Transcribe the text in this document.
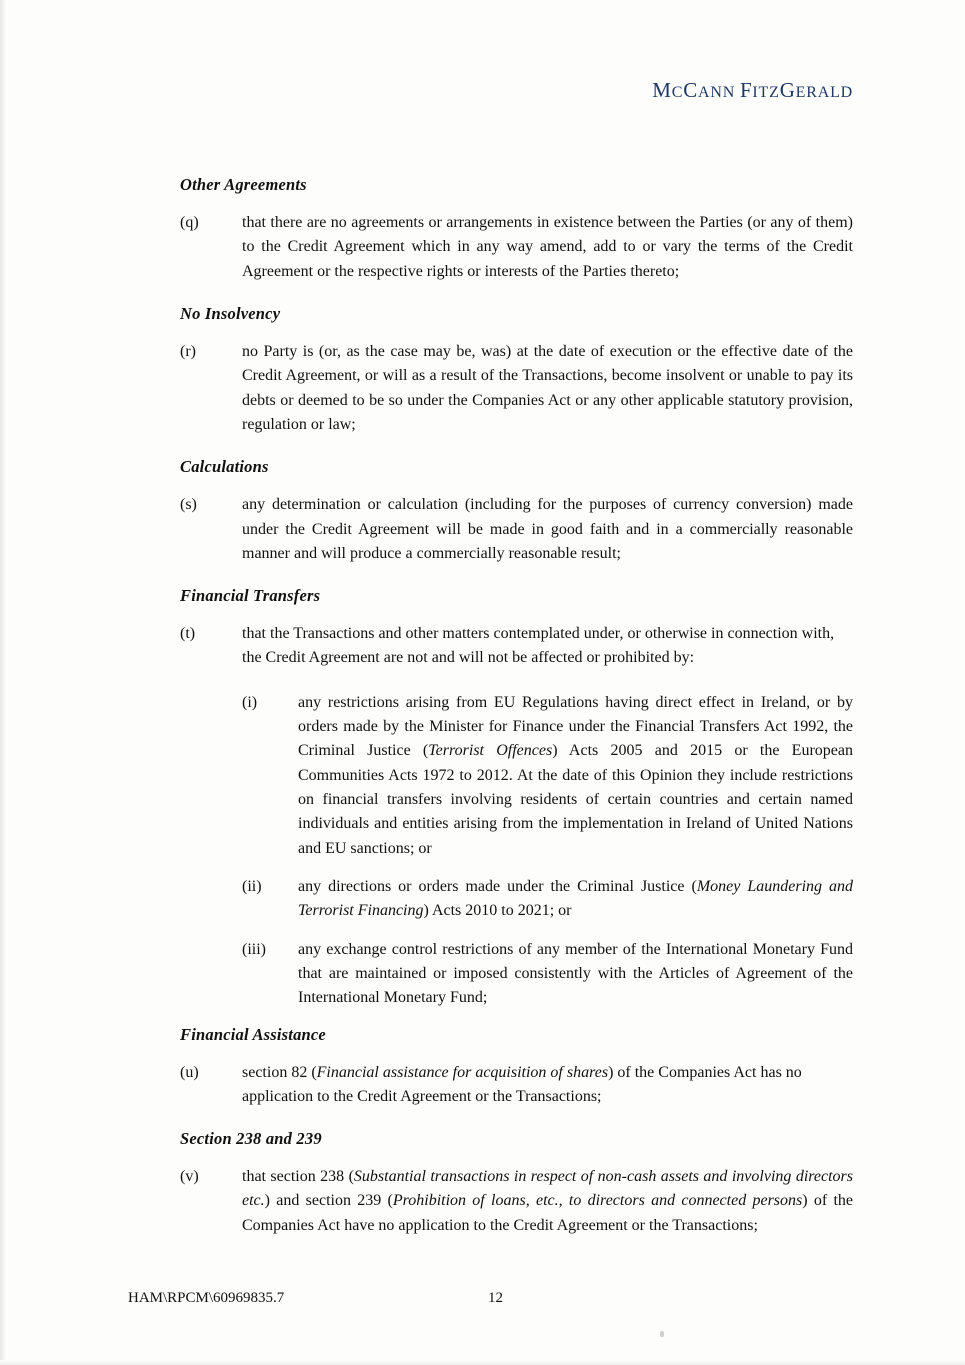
MCCANN FITZGERALD
Other Agreements
(q)	that there are no agreements or arrangements in existence between the Parties (or any of them) to the Credit Agreement which in any way amend, add to or vary the terms of the Credit Agreement or the respective rights or interests of the Parties thereto;
No Insolvency
(r)	no Party is (or, as the case may be, was) at the date of execution or the effective date of the Credit Agreement, or will as a result of the Transactions, become insolvent or unable to pay its debts or deemed to be so under the Companies Act or any other applicable statutory provision, regulation or law;
Calculations
(s)	any determination or calculation (including for the purposes of currency conversion) made under the Credit Agreement will be made in good faith and in a commercially reasonable manner and will produce a commercially reasonable result;
Financial Transfers
(t)	that the Transactions and other matters contemplated under, or otherwise in connection with, the Credit Agreement are not and will not be affected or prohibited by:
(i)	any restrictions arising from EU Regulations having direct effect in Ireland, or by orders made by the Minister for Finance under the Financial Transfers Act 1992, the Criminal Justice (Terrorist Offences) Acts 2005 and 2015 or the European Communities Acts 1972 to 2012. At the date of this Opinion they include restrictions on financial transfers involving residents of certain countries and certain named individuals and entities arising from the implementation in Ireland of United Nations and EU sanctions; or
(ii)	any directions or orders made under the Criminal Justice (Money Laundering and Terrorist Financing) Acts 2010 to 2021; or
(iii)	any exchange control restrictions of any member of the International Monetary Fund that are maintained or imposed consistently with the Articles of Agreement of the International Monetary Fund;
Financial Assistance
(u)	section 82 (Financial assistance for acquisition of shares) of the Companies Act has no application to the Credit Agreement or the Transactions;
Section 238 and 239
(v)	that section 238 (Substantial transactions in respect of non-cash assets and involving directors etc.) and section 239 (Prohibition of loans, etc., to directors and connected persons) of the Companies Act have no application to the Credit Agreement or the Transactions;
HAM\RPCM\60969835.7	12
